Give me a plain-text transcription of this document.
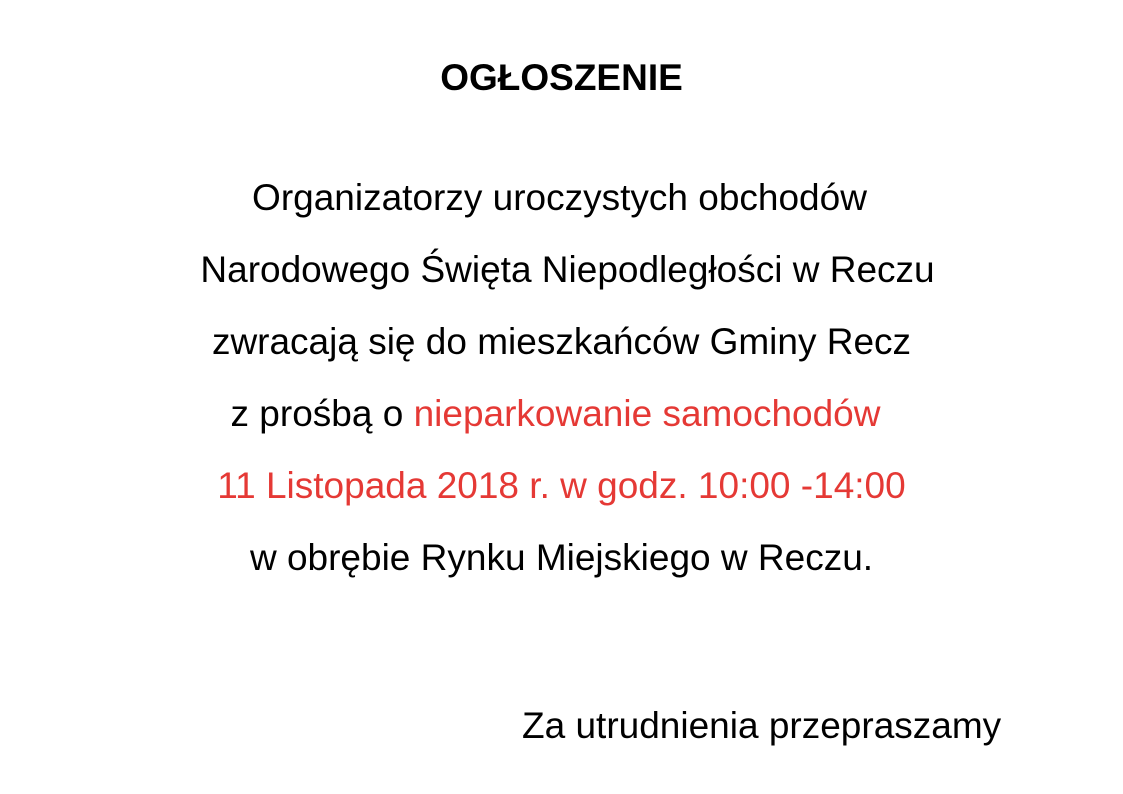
OGŁOSZENIE
Organizatorzy uroczystych obchodów
Narodowego Święta Niepodległości w Reczu
zwracają się do mieszkańców Gminy Recz
z prośbą o nieparkowanie samochodów
11 Listopada 2018 r. w godz. 10:00 -14:00
w obrębie Rynku Miejskiego w Reczu.
Za utrudnienia przepraszamy
